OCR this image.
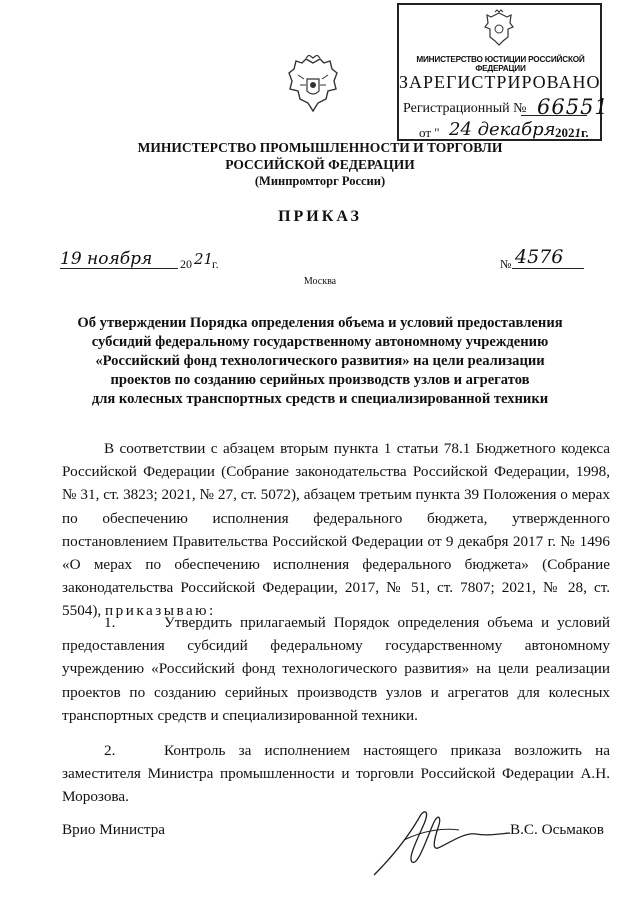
МИНИСТЕРСТВО ЮСТИЦИИ РОССИЙСКОЙ ФЕДЕРАЦИИ
ЗАРЕГИСТРИРОВАНО
Регистрационный № 66551
от " 24 декабря 2021г.
МИНИСТЕРСТВО ПРОМЫШЛЕННОСТИ И ТОРГОВЛИ
РОССИЙСКОЙ ФЕДЕРАЦИИ
(Минпромторг России)
ПРИКАЗ
19 ноября 20 21
г.	№ 4576
Москва
Об утверждении Порядка определения объема и условий предоставления
субсидий федеральному государственному автономному учреждению
«Российский фонд технологического развития» на цели реализации
проектов по созданию серийных производств узлов и агрегатов
для колесных транспортных средств и специализированной техники
В соответствии с абзацем вторым пункта 1 статьи 78.1 Бюджетного кодекса Российской Федерации (Собрание законодательства Российской Федерации, 1998, № 31, ст. 3823; 2021, № 27, ст. 5072), абзацем третьим пункта 39 Положения о мерах по обеспечению исполнения федерального бюджета, утвержденного постановлением Правительства Российской Федерации от 9 декабря 2017 г. № 1496 «О мерах по обеспечению исполнения федерального бюджета» (Собрание законодательства Российской Федерации, 2017, № 51, ст. 7807; 2021, № 28, ст. 5504), приказываю:
1.	Утвердить прилагаемый Порядок определения объема и условий предоставления субсидий федеральному государственному автономному учреждению «Российский фонд технологического развития» на цели реализации проектов по созданию серийных производств узлов и агрегатов для колесных транспортных средств и специализированной техники.
2.	Контроль за исполнением настоящего приказа возложить на заместителя Министра промышленности и торговли Российской Федерации А.Н. Морозова.
Врио Министра	В.С. Осьмаков
